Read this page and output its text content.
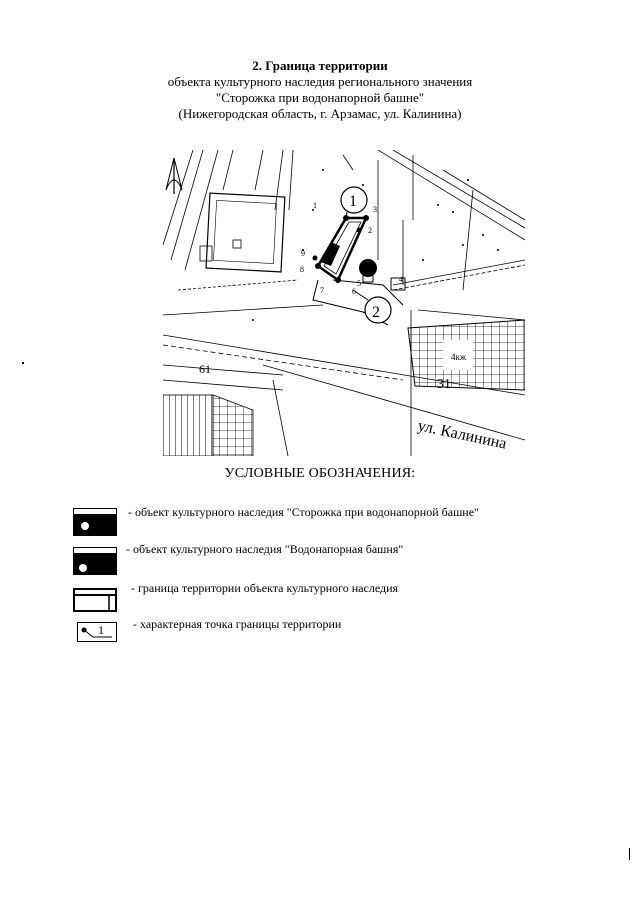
2. Граница территории
объекта культурного наследия регионального значения
"Сторожка при водонапорной башне"
(Нижегородская область, г. Арзамас, ул. Калинина)
1
2
4кж
31
ул. Калинина
61
1
2
3
4
5
6
7
8
9
УСЛОВНЫЕ ОБОЗНАЧЕНИЯ:
- объект культурного наследия "Сторожка при водонапорной башне"
- объект культурного наследия "Водонапорная башня"
- граница территории объекта культурного наследия
1 - характерная точка границы территории
